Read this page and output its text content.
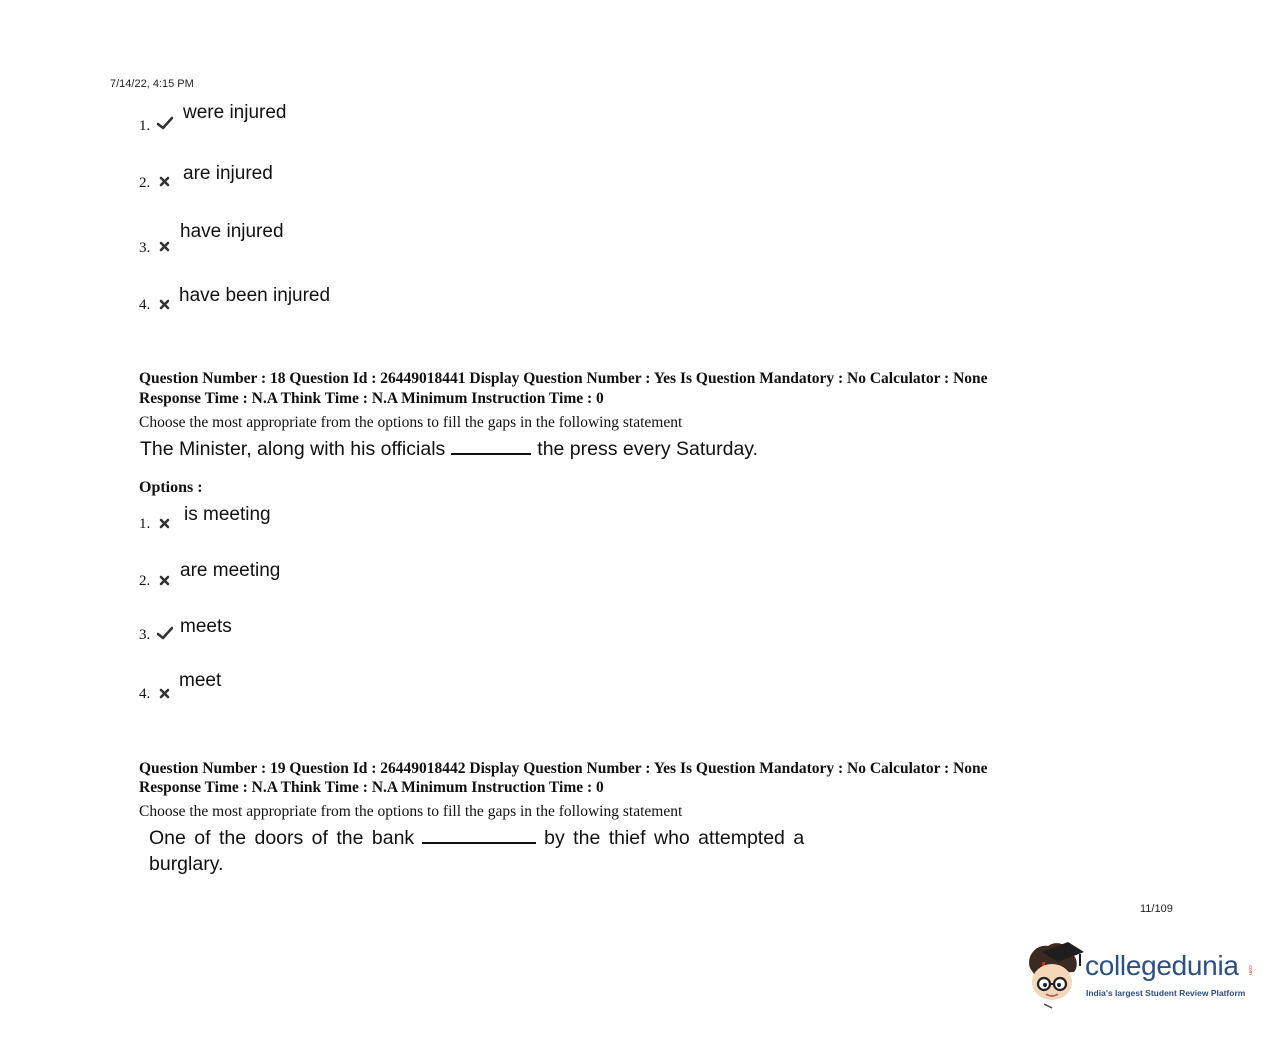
7/14/22, 4:15 PM
1.
were injured
2. are injured
3.
have injured
4. have been injured
Question Number : 18 Question Id : 26449018441 Display Question Number : Yes Is Question Mandatory : No Calculator : None
Response Time : N.A Think Time : N.A Minimum Instruction Time : 0
Choose the most appropriate from the options to fill the gaps in the following statement
The Minister, along with his officials	the press every Saturday.
Options :
1. is meeting
2. are meeting
3. meets
4.
meet
Question Number : 19 Question Id : 26449018442 Display Question Number : Yes Is Question Mandatory : No Calculator : None
Response Time : N.A Think Time : N.A Minimum Instruction Time : 0
Choose the most appropriate from the options to fill the gaps in the following statement
One of the doors of the bank	by the thief who attempted a
burglary.
11/109
collegedunia .com
India's largest Student Review Platform
